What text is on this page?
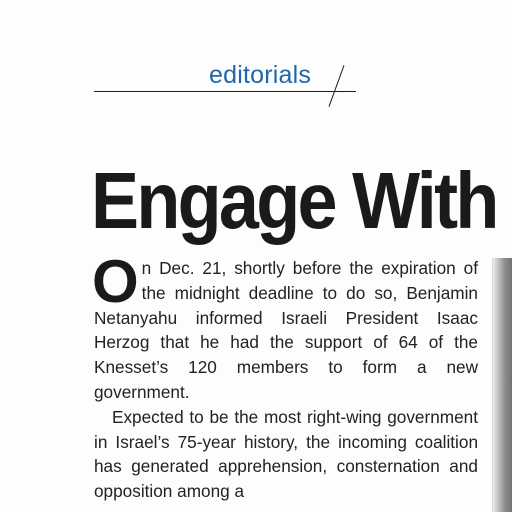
editorials
Engage With

On Dec. 21, shortly before the expiration of the midnight deadline to do so, Benjamin Netanyahu informed Israeli President Isaac Herzog that he had the support of 64 of the Knesset’s 120 members to form a new government.

Expected to be the most right-wing government in Israel’s 75-year history, the incoming coalition has generated apprehension, consternation and opposition among a
